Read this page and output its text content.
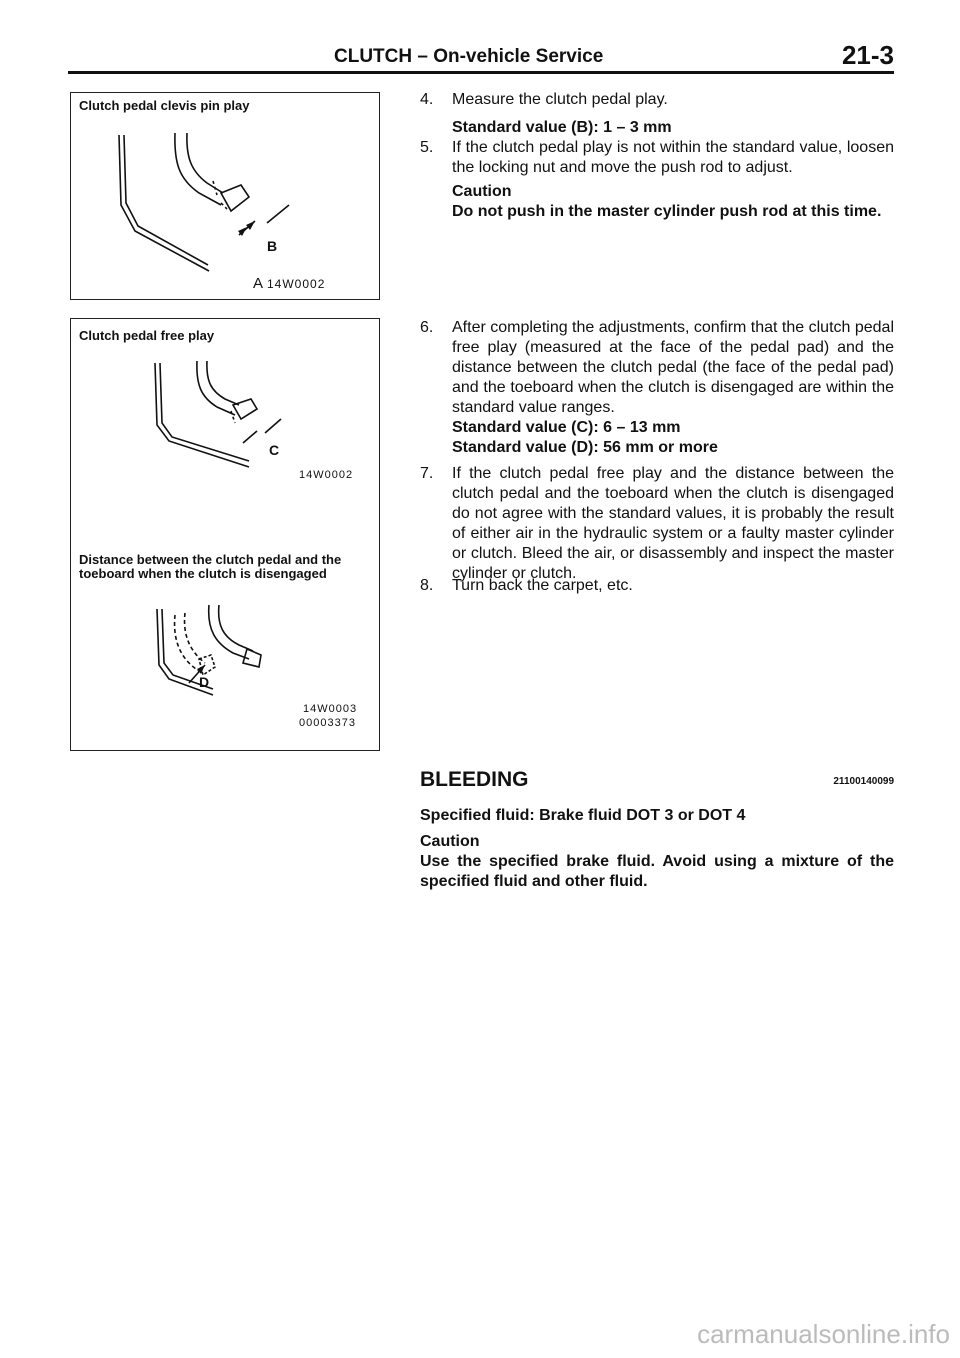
CLUTCH – On-vehicle Service	21-3
Clutch pedal clevis pin play
B
A 14W0002
Clutch pedal free play
C
14W0002
Distance between the clutch pedal and the
toeboard when the clutch is disengaged
D
14W0003
00003373
4. Measure the clutch pedal play.
Standard value (B): 1 – 3 mm
5. If the clutch pedal play is not within the standard value, loosen the locking nut and move the push rod to adjust.
Caution
Do not push in the master cylinder push rod at this time.
6. After completing the adjustments, confirm that the clutch pedal free play (measured at the face of the pedal pad) and the distance between the clutch pedal (the face of the pedal pad) and the toeboard when the clutch is disengaged are within the standard value ranges.
Standard value (C): 6 – 13 mm
Standard value (D): 56 mm or more
7. If the clutch pedal free play and the distance between the clutch pedal and the toeboard when the clutch is disengaged do not agree with the standard values, it is probably the result of either air in the hydraulic system or a faulty master cylinder or clutch. Bleed the air, or disassembly and inspect the master cylinder or clutch.
8. Turn back the carpet, etc.
BLEEDING	21100140099
Specified fluid: Brake fluid DOT 3 or DOT 4
Caution
Use the specified brake fluid. Avoid using a mixture of the specified fluid and other fluid.
carmanualsonline.info
